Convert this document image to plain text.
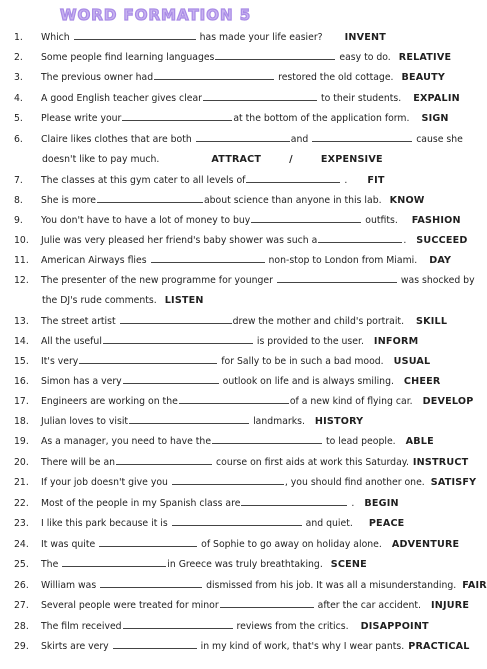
WORD FORMATION 5
1. Which	has made your life easier? INVENT
2. Some people find learning languages	easy to do. RELATIVE
3. The previous owner had	restored the old cottage. BEAUTY
4. A good English teacher gives clear	to their students. EXPALIN
5. Please write your	at the bottom of the application form. SIGN
6. Claire likes clothes that are both	and	cause she
doesn't like to pay much.	ATTRACT	/	EXPENSIVE
7. The classes at this gym cater to all levels of	. FIT
8. She is more	about science than anyone in this lab. KNOW
9. You don't have to have a lot of money to buy	outfits. FASHION
10. Julie was very pleased her friend's baby shower was such a	. SUCCEED
11. American Airways flies	non-stop to London from Miami. DAY
12. The presenter of the new programme for younger	was shocked by
the DJ's rude comments. LISTEN
13. The street artist	drew the mother and child's portrait. SKILL
14. All the useful	is provided to the user. INFORM
15. It's very	for Sally to be in such a bad mood. USUAL
16. Simon has a very	outlook on life and is always smiling. CHEER
17. Engineers are working on the	of a new kind of flying car. DEVELOP
18. Julian loves to visit	landmarks. HISTORY
19. As a manager, you need to have the	to lead people. ABLE
20. There will be an	course on first aids at work this Saturday. INSTRUCT
21. If your job doesn't give you	, you should find another one. SATISFY
22. Most of the people in my Spanish class are	. BEGIN
23. I like this park because it is	and quiet. PEACE
24. It was quite	of Sophie to go away on holiday alone. ADVENTURE
25. The	in Greece was truly breathtaking. SCENE
26. William was	dismissed from his job. It was all a misunderstanding. FAIR
27. Several people were treated for minor	after the car accident. INJURE
28. The film received	reviews from the critics. DISAPPOINT
29. Skirts are very	in my kind of work, that's why I wear pants. PRACTICAL
